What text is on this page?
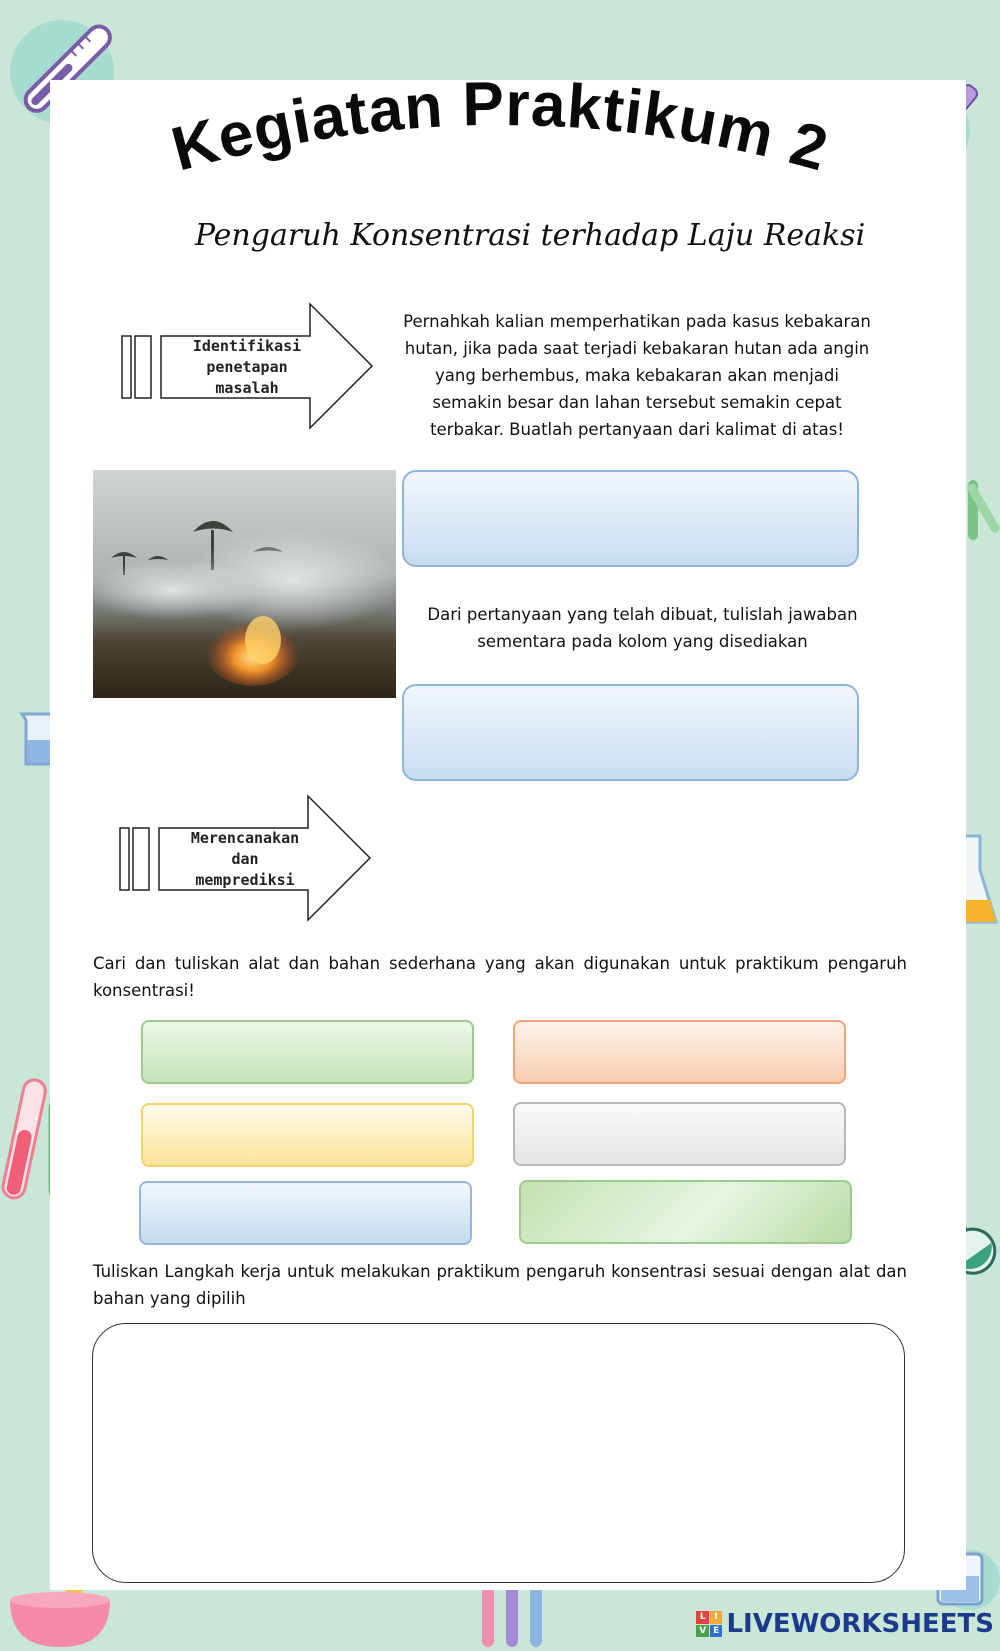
Kegiatan Praktikum 2
Pengaruh Konsentrasi terhadap Laju Reaksi
Identifikasi
penetapan
masalah
Pernahkah kalian memperhatikan pada kasus kebakaran hutan, jika pada saat terjadi kebakaran hutan ada angin yang berhembus, maka kebakaran akan menjadi semakin besar dan lahan tersebut semakin cepat terbakar. Buatlah pertanyaan dari kalimat di atas!
Dari pertanyaan yang telah dibuat, tulislah jawaban sementara pada kolom yang disediakan
Merencanakan
dan
memprediksi
Cari dan tuliskan alat dan bahan sederhana yang akan digunakan untuk praktikum pengaruh konsentrasi!
Tuliskan Langkah kerja untuk melakukan praktikum pengaruh konsentrasi sesuai dengan alat dan bahan yang dipilih
L I
V E LIVEWORKSHEETS
